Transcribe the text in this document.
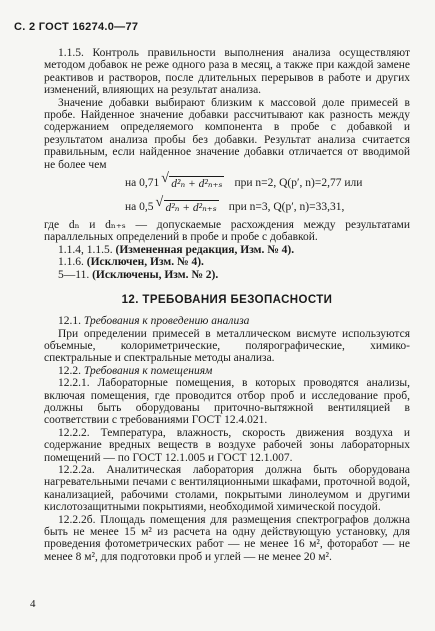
С. 2 ГОСТ 16274.0—77

1.1.5. Контроль правильности выполнения анализа осуществляют методом добавок не реже одного раза в месяц, а также при каждой замене реактивов и растворов, после длительных перерывов в работе и других изменений, влияющих на результат анализа.

Значение добавки выбирают близким к массовой доле примесей в пробе. Найденное значение добавки рассчитывают как разность между содержанием определяемого компонента в пробе с добавкой и результатом анализа пробы без добавки. Результат анализа считается правильным, если найденное значение добавки отличается от вводимой не более чем

на 0,71	√ d²ₙ + d²ₙ₊ₛ при n=2, Q(p′, n)=2,77 или
на 0,5	√ d²ₙ + d²ₙ₊ₛ при n=3, Q(p′, n)=33,31,

где dₙ и dₙ₊ₛ — допускаемые расхождения между результатами параллельных определений в пробе и пробе с добавкой.

1.1.4, 1.1.5. (Измененная редакция, Изм. № 4).

1.1.6. (Исключен, Изм. № 4).

5—11. (Исключены, Изм. № 2).

12. ТРЕБОВАНИЯ БЕЗОПАСНОСТИ

12.1. Требования к проведению анализа

При определении примесей в металлическом висмуте используются объемные, колориметрические, полярографические, химико-спектральные и спектральные методы анализа.

12.2. Требования к помещениям

12.2.1. Лабораторные помещения, в которых проводятся анализы, включая помещения, где проводится отбор проб и исследование проб, должны быть оборудованы приточно-вытяжной вентиляцией в соответствии с требованиями ГОСТ 12.4.021.

12.2.2. Температура, влажность, скорость движения воздуха и содержание вредных веществ в воздухе рабочей зоны лабораторных помещений — по ГОСТ 12.1.005 и ГОСТ 12.1.007.

12.2.2а. Аналитическая лаборатория должна быть оборудована нагревательными печами с вентиляционными шкафами, проточной водой, канализацией, рабочими столами, покрытыми линолеумом и другими кислотозащитными покрытиями, необходимой химической посудой.

12.2.2б. Площадь помещения для размещения спектрографов должна быть не менее 15 м² из расчета на одну действующую установку, для проведения фотометрических работ — не менее 16 м², фоторабот — не менее 8 м², для подготовки проб и углей — не менее 20 м².

4
